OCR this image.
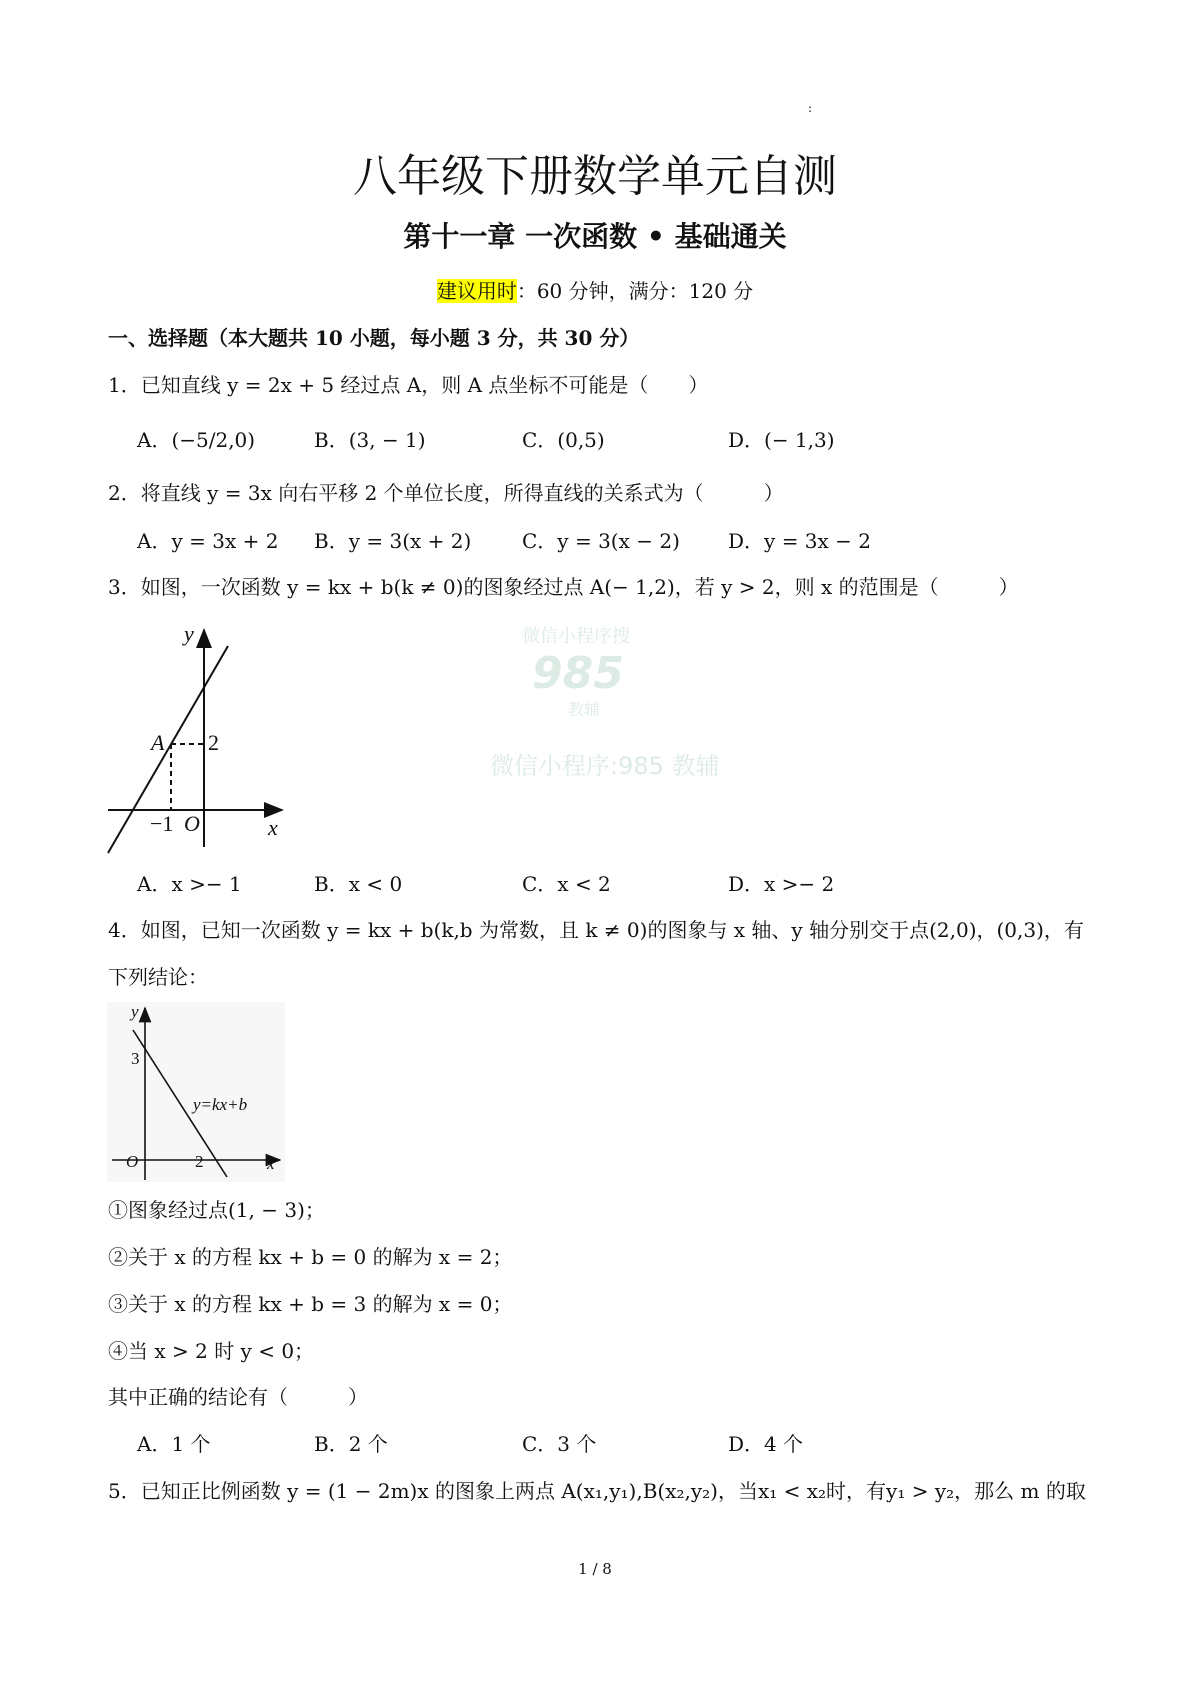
:
八年级下册数学单元自测
第十一章 一次函数 • 基础通关
建议用时：60 分钟，满分：120 分
一、选择题（本大题共 10 小题，每小题 3 分，共 30 分）
1．已知直线 y = 2x + 5 经过点 A，则 A 点坐标不可能是（　　）
A．(−5/2,0)	B．(3, − 1)	C．(0,5)	D．(− 1,3)
2．将直线 y = 3x 向右平移 2 个单位长度，所得直线的关系式为（　　　）
A．y = 3x + 2 B．y = 3(x + 2)	C．y = 3(x − 2) D．y = 3x − 2
3．如图，一次函数 y = kx + b(k ≠ 0)的图象经过点 A(− 1,2)，若 y > 2，则 x 的范围是（　　　）
y
A 2
−1 O	x
微信小程序搜
985
教辅
微信小程序:985 教辅
A．x >− 1	B．x < 0	C．x < 2	D．x >− 2
4．如图，已知一次函数 y = kx + b(k,b 为常数，且 k ≠ 0)的图象与 x 轴、y 轴分别交于点(2,0)，(0,3)，有
下列结论：
y
3
y=kx+b
O	2	x
①图象经过点(1, − 3)；
②关于 x 的方程 kx + b = 0 的解为 x = 2；
③关于 x 的方程 kx + b = 3 的解为 x = 0；
④当 x > 2 时 y < 0；
其中正确的结论有（　　　）
A．1 个	B．2 个	C．3 个	D．4 个
5．已知正比例函数 y = (1 − 2m)x 的图象上两点 A(x₁,y₁),B(x₂,y₂)，当x₁ < x₂时，有y₁ > y₂，那么 m 的取
1 / 8
